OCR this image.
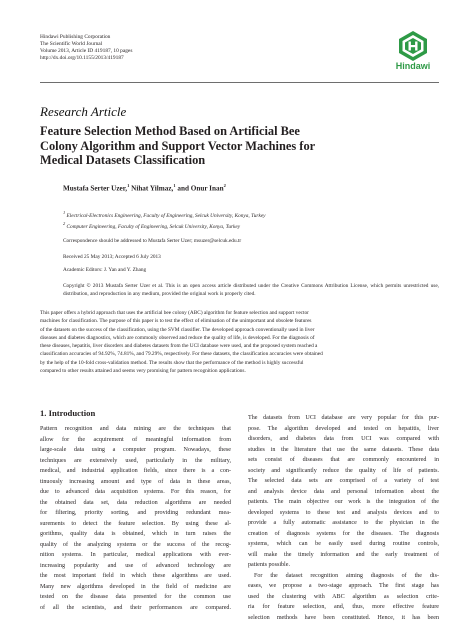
Hindawi Publishing Corporation
The Scientific World Journal
Volume 2013, Article ID 419187, 10 pages
http://dx.doi.org/10.1155/2013/419187
Hindawi
Research Article
Feature Selection Method Based on Artificial Bee
Colony Algorithm and Support Vector Machines for
Medical Datasets Classification
Mustafa Serter Uzer,$^1$ Nihat Yilmaz,$^1$ and Onur Inan$^2$
$^1$ Electrical-Electronics Engineering, Faculty of Engineering, Selcuk University, Konya, Turkey
$^2$ Computer Engineering, Faculty of Engineering, Selcuk University, Konya, Turkey
Correspondence should be addressed to Mustafa Serter Uzer; msuzer@selcuk.edu.tr
Received 25 May 2013; Accepted 6 July 2013
Academic Editors: J. Yan and Y. Zhang
Copyright © 2013 Mustafa Serter Uzer et al. This is an open access article distributed under the Creative Commons Attribution License, which permits unrestricted use, distribution, and reproduction in any medium, provided the original work is properly cited.
This paper offers a hybrid approach that uses the artificial bee colony (ABC) algorithm for feature selection and support vector
machines for classification. The purpose of this paper is to test the effect of elimination of the unimportant and obsolete features
of the datasets on the success of the classification, using the SVM classifier. The developed approach conventionally used in liver
diseases and diabetes diagnostics, which are commonly observed and reduce the quality of life, is developed. For the diagnosis of
these diseases, hepatitis, liver disorders and diabetes datasets from the UCI database were used, and the proposed system reached a
classification accuracies of 94.92%, 74.81%, and 79.29%, respectively. For these datasets, the classification accuracies were obtained
by the help of the 10-fold cross-validation method. The results show that the performance of the method is highly successful
compared to other results attained and seems very promising for pattern recognition applications.
1. Introduction
Pattern recognition and data mining are the techniques that
allow for the acquirement of meaningful information from
large-scale data using a computer program. Nowadays, these
techniques are extensively used, particularly in the military,
medical, and industrial application fields, since there is a con-
tinuously increasing amount and type of data in these areas,
due to advanced data acquisition systems. For this reason, for
the obtained data set, data reduction algorithms are needed
for filtering, priority sorting, and providing redundant mea-
surements to detect the feature selection. By using these al-
gorithms, quality data is obtained, which in turn raises the
quality of the analyzing systems or the success of the recog-
nition systems. In particular, medical applications with ever-
increasing popularity and use of advanced technology are
the most important field in which these algorithms are used.
Many new algorithms developed in the field of medicine are
tested on the disease data presented for the common use
of all the scientists, and their performances are compared.
The datasets from UCI database are very popular for this pur-
pose. The algorithm developed and tested on hepatitis, liver
disorders, and diabetes data from UCI was compared with
studies in the literature that use the same datasets. These data
sets consist of diseases that are commonly encountered in
society and significantly reduce the quality of life of patients.
The selected data sets are comprised of a variety of test
and analysis device data and personal information about the
patients. The main objective our work is the integration of the
developed systems to these test and analysis devices and to
provide a fully automatic assistance to the physician in the
creation of diagnosis systems for the diseases. The diagnosis
systems, which can be easily used during routine controls,
will make the timely information and the early treatment of
patients possible.
For the dataset recognition aiming diagnosis of the dis-
eases, we propose a two-stage approach. The first stage has
used the clustering with ABC algorithm as selection crite-
ria for feature selection, and, thus, more effective feature
selection methods have been constituted. Hence, it has been
